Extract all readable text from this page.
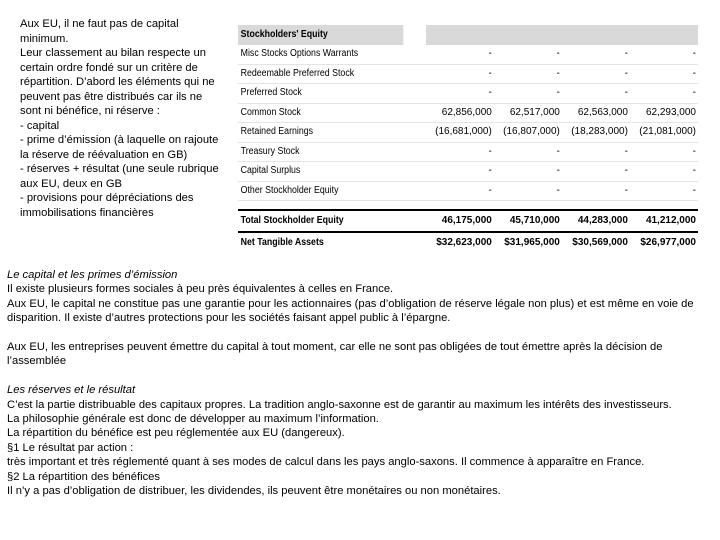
Aux EU, il ne faut pas de capital minimum.
Leur classement au bilan respecte un certain ordre fondé sur un critère de répartition. D’abord les éléments qui ne peuvent pas être distribués car ils ne sont ni bénéfice, ni réserve :
- capital
- prime d’émission (à laquelle on rajoute la réserve de réévaluation en GB)
- réserves + résultat (une seule rubrique aux EU, deux en GB
- provisions pour dépréciations des immobilisations financières
Stockholders' Equity				
Misc Stocks Options Warrants	-	-	-	-
Redeemable Preferred Stock	-	-	-	-
Preferred Stock	-	-	-	-
Common Stock	62,856,000	62,517,000	62,563,000	62,293,000
Retained Earnings	(16,681,000)	(16,807,000)	(18,283,000)	(21,081,000)
Treasury Stock	-	-	-	-
Capital Surplus	-	-	-	-
Other Stockholder Equity	-	-	-	-

Total Stockholder Equity	46,175,000	45,710,000	44,283,000	41,212,000
Net Tangible Assets	$32,623,000	$31,965,000	$30,569,000	$26,977,000

Le capital et les primes d’émission

Il existe plusieurs formes sociales à peu près équivalentes à celles en France.

Aux EU, le capital ne constitue pas une garantie pour les actionnaires (pas d’obligation de réserve légale non plus) et est même en voie de disparition. Il existe d’autres protections pour les sociétés faisant appel public à l’épargne.

Aux EU, les entreprises peuvent émettre du capital à tout moment, car elle ne sont pas obligées de tout émettre après la décision de l’assemblée

Les réserves et le résultat

C’est la partie distribuable des capitaux propres. La tradition anglo-saxonne est de garantir au maximum les intérêts des investisseurs.

La philosophie générale est donc de développer au maximum l’information.

La répartition du bénéfice est peu réglementée aux EU (dangereux).

§1 Le résultat par action :

très important et très réglementé quant à ses modes de calcul dans les pays anglo-saxons. Il commence à apparaître en France.

§2 La répartition des bénéfices

Il n’y a pas d’obligation de distribuer, les dividendes, ils peuvent être monétaires ou non monétaires.
